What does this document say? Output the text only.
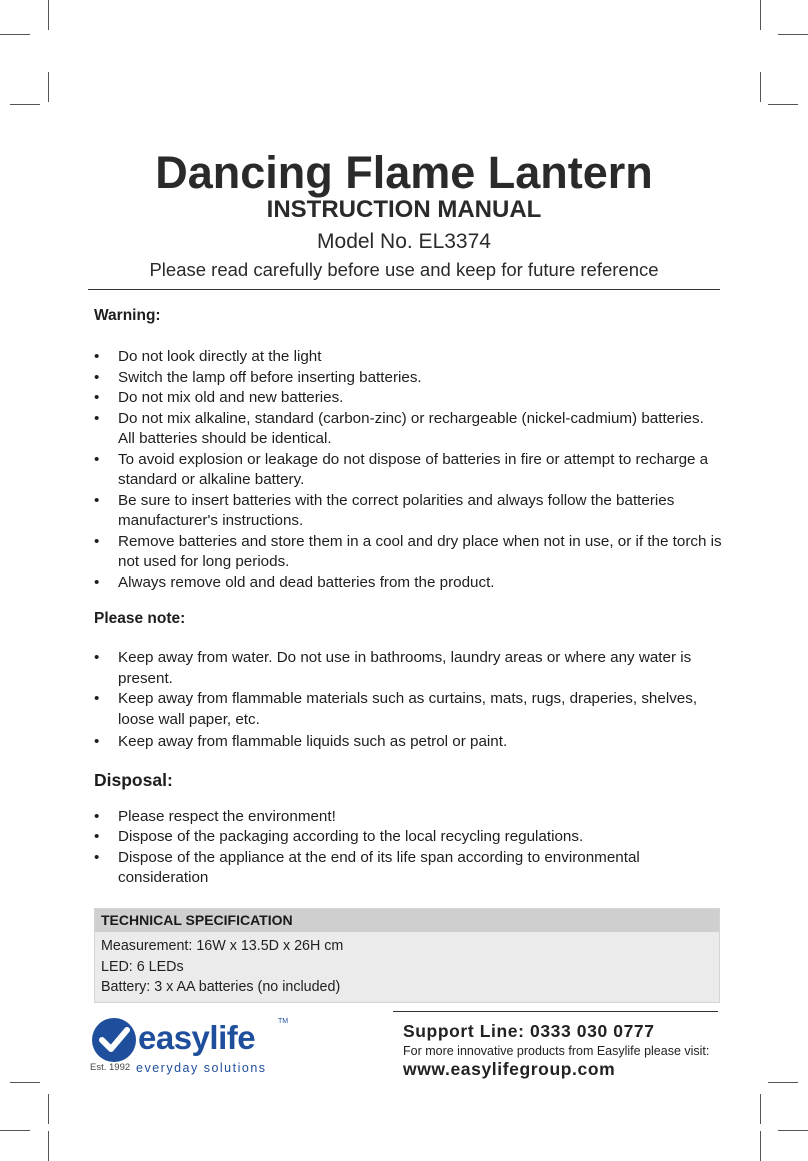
Dancing Flame Lantern
INSTRUCTION MANUAL
Model No. EL3374
Please read carefully before use and keep for future reference

Warning:

• Do not look directly at the light
• Switch the lamp off before inserting batteries.
• Do not mix old and new batteries.
• Do not mix alkaline, standard (carbon-zinc) or rechargeable (nickel-cadmium) batteries. All batteries should be identical.
• To avoid explosion or leakage do not dispose of batteries in fire or attempt to recharge a standard or alkaline battery.
• Be sure to insert batteries with the correct polarities and always follow the batteries manufacturer's instructions.
• Remove batteries and store them in a cool and dry place when not in use, or if the torch is not used for long periods.
• Always remove old and dead batteries from the product.

Please note:

• Keep away from water. Do not use in bathrooms, laundry areas or where any water is present.
• Keep away from flammable materials such as curtains, mats, rugs, draperies, shelves, loose wall paper, etc.
• Keep away from flammable liquids such as petrol or paint.

Disposal:

• Please respect the environment!
• Dispose of the packaging according to the local recycling regulations.
• Dispose of the appliance at the end of its life span according to environmental consideration
TECHNICAL SPECIFICATION
Measurement: 16W x 13.5D x 26H cm
LED: 6 LEDs
Battery: 3 x AA batteries (no included)
easylife	TM
Est. 1992 everyday solutions
Support Line: 0333 030 0777
For more innovative products from Easylife please visit:
www.easylifegroup.com
